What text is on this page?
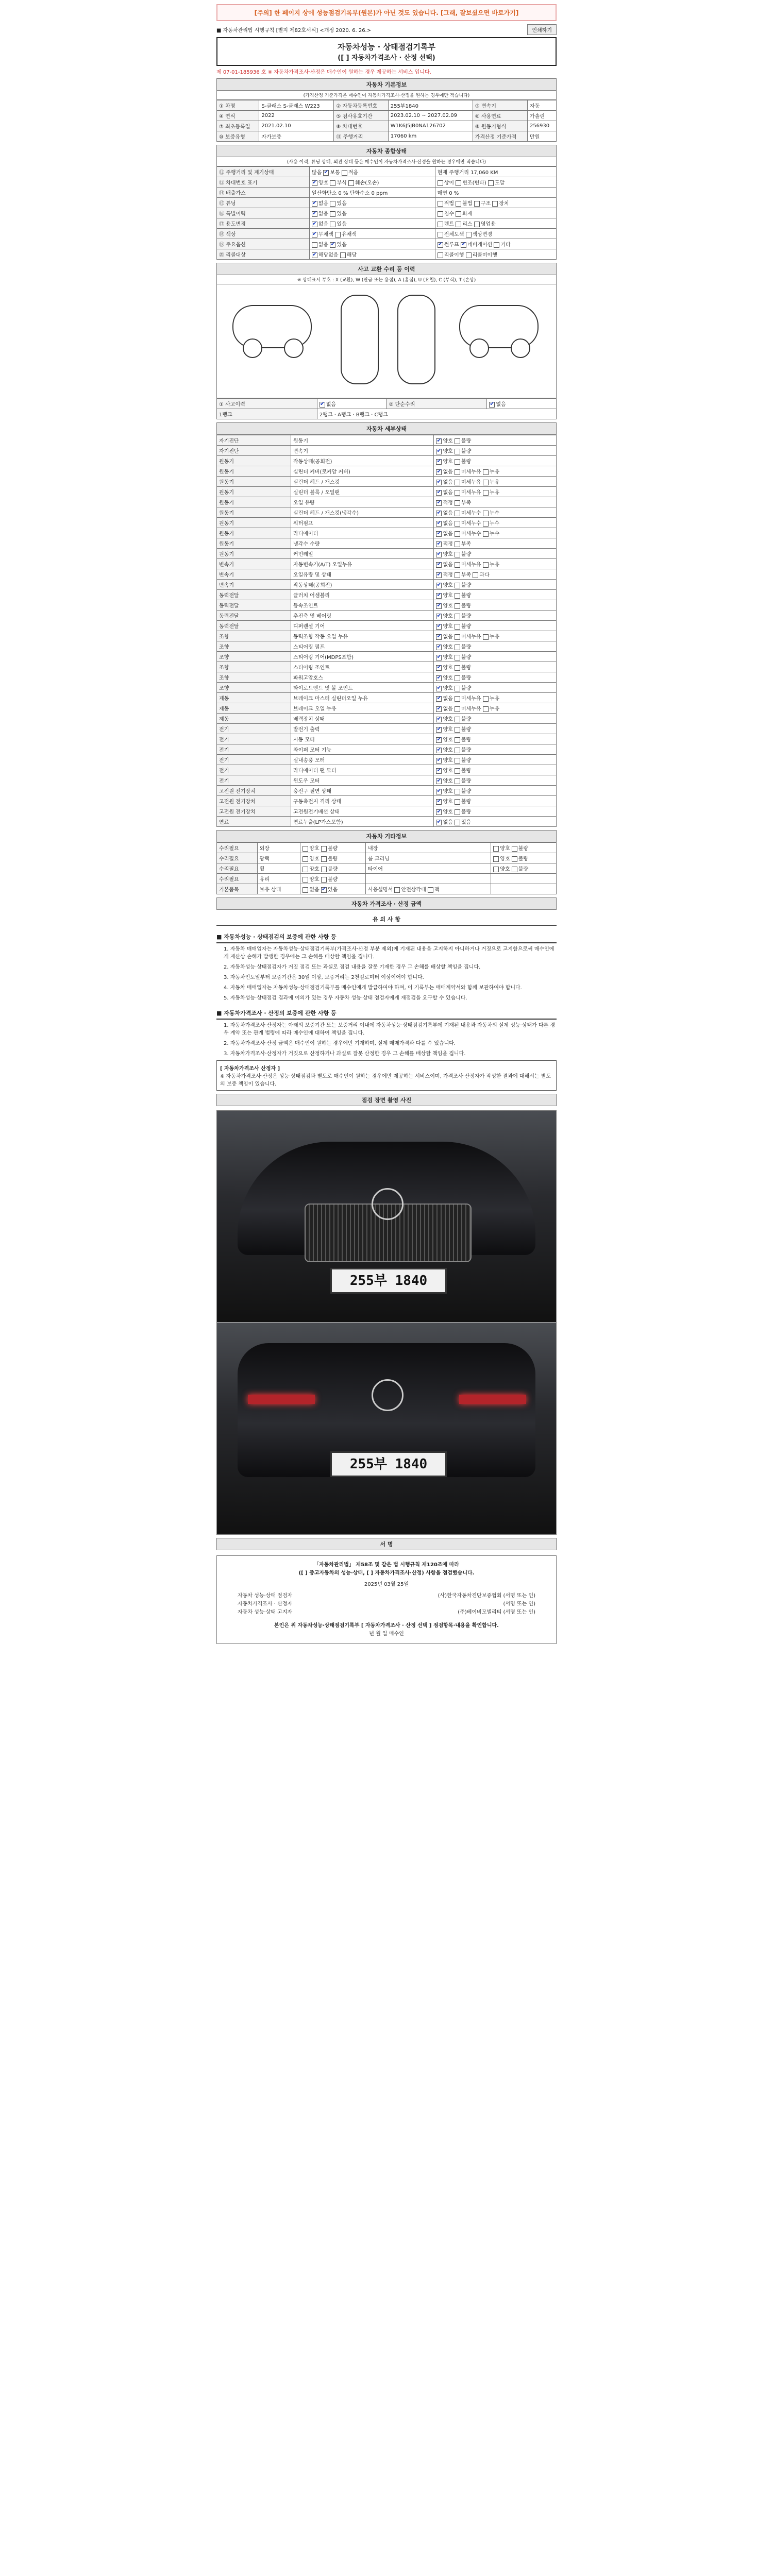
[주의] 한 페이지 상에 성능점검기록부(원본)가 아닌 것도 있습니다. [그래, 잘보셨으면 바로가기]
■ 자동차관리법 시행규칙 [별지 제82호서식] <개정 2020. 6. 26.>	인쇄하기
자동차성능 · 상태점검기록부
([ ] 자동차가격조사 · 산정 선택)
제 07-01-185936 호 ※ 자동차가격조사·산정은 매수인이 원하는 경우 제공하는 서비스 입니다.
자동차 기본정보
(가격산정 기준가격은 매수인이 자동차가격조사·산정을 원하는 경우에만 적습니다)
① 차명	S-클래스 S-클래스 W223	② 자동차등록번호	255부1840	③ 변속기	자동
④ 연식	2022	⑤ 검사유효기간	2023.02.10 ~ 2027.02.09	⑥ 사용연료	가솔린
⑦ 최초등록일	2021.02.10	⑧ 차대번호	W1K6J5JB0NA126702	⑨ 원동기형식	256930
⑩ 보증유형	자가보증	⑪ 주행거리	17060 km	가격산정 기준가격	만원
자동차 종합상태
(사용 이력, 튜닝 상태, 외관 상태 등은 매수인이 자동차가격조사·산정을 원하는 경우에만 적습니다)
⑫ 주행거리 및 계기상태	많음 ✔보통 적음	현재 주행거리 17,060 KM
⑬ 차대번호 표기	✔양호 부식 훼손(오손)	상이 변조(변타) 도말
⑭ 배출가스	일산화탄소 0 % 탄화수소 0 ppm	매연 0 %
⑮ 튜닝	✔없음 있음	적법 불법 구조 장치
⑯ 특별이력	✔없음 있음	침수 화재
⑰ 용도변경	✔없음 있음	렌트 리스 영업용
⑱ 색상	✔무채색 유채색	전체도색 색상변경
⑲ 주요옵션	없음 ✔있음	✔썬루프 ✔네비게이션 기타
⑳ 리콜대상	✔해당없음 해당	리콜이행 리콜미이행
사고 교환 수리 등 이력
※ 상태표시 부호 : X (교환), W (판금 또는 용접), A (흠집), U (요철), C (부식), T (손상)
① 사고이력	✔없음	② 단순수리	✔없음
1랭크	2랭크 · A랭크 · B랭크 · C랭크		
자동차 세부상태
자기진단	원동기	✔양호 불량
자기진단	변속기	✔양호 불량
원동기	작동상태(공회전)	✔양호 불량
원동기	실린더 커버(로커암 커버)	✔없음 미세누유 누유
원동기	실린더 헤드 / 개스킷	✔없음 미세누유 누유
원동기	실린더 블록 / 오일팬	✔없음 미세누유 누유
원동기	오일 유량	✔적정 부족
원동기	실린더 헤드 / 개스킷(냉각수)	✔없음 미세누수 누수
원동기	워터펌프	✔없음 미세누수 누수
원동기	라디에이터	✔없음 미세누수 누수
원동기	냉각수 수량	✔적정 부족
원동기	커먼레일	✔양호 불량
변속기	자동변속기(A/T) 오일누유	✔없음 미세누유 누유
변속기	오일유량 및 상태	✔적정 부족 과다
변속기	작동상태(공회전)	✔양호 불량
동력전달	클러치 어셈블리	✔양호 불량
동력전달	등속조인트	✔양호 불량
동력전달	추진축 및 베어링	✔양호 불량
동력전달	디퍼렌셜 기어	✔양호 불량
조향	동력조향 작동 오일 누유	✔없음 미세누유 누유
조향	스티어링 펌프	✔양호 불량
조향	스티어링 기어(MDPS포함)	✔양호 불량
조향	스티어링 조인트	✔양호 불량
조향	파워고압호스	✔양호 불량
조향	타이로드엔드 및 볼 조인트	✔양호 불량
제동	브레이크 마스터 실린더오일 누유	✔없음 미세누유 누유
제동	브레이크 오일 누유	✔없음 미세누유 누유
제동	배력장치 상태	✔양호 불량
전기	발전기 출력	✔양호 불량
전기	시동 모터	✔양호 불량
전기	와이퍼 모터 기능	✔양호 불량
전기	실내송풍 모터	✔양호 불량
전기	라디에이터 팬 모터	✔양호 불량
전기	윈도우 모터	✔양호 불량
고전원 전기장치	충전구 절연 상태	✔양호 불량
고전원 전기장치	구동축전지 격리 상태	✔양호 불량
고전원 전기장치	고전원전기배선 상태	✔양호 불량
연료	연료누출(LP가스포함)	✔없음 있음
자동차 기타정보
수리필요	외장	양호 불량	내장	양호 불량
수리필요	광택	양호 불량	룸 크리닝	양호 불량
수리필요	휠	양호 불량	타이어	양호 불량
수리필요	유리	양호 불량		
기본품목	보유 상태	없음 ✔있음	사용설명서 안전삼각대 잭	
자동차 가격조사 · 산정 금액
유 의 사 항
■ 자동차성능 · 상태점검의 보증에 관한 사항 등

1. 자동차 매매업자는 자동차성능·상태점검기록부(가격조사·산정 부분 제외)에 기재된 내용을 고지하지 아니하거나 거짓으로 고지함으로써 매수인에게 재산상 손해가 발생한 경우에는 그 손해를 배상할 책임을 집니다.

2. 자동차성능·상태점검자가 거짓 점검 또는 과실로 점검 내용을 잘못 기재한 경우 그 손해를 배상할 책임을 집니다.

3. 자동차인도일부터 보증기간은 30일 이상, 보증거리는 2천킬로미터 이상이어야 합니다.

4. 자동차 매매업자는 자동차성능·상태점검기록부를 매수인에게 발급하여야 하며, 이 기록부는 매매계약서와 함께 보관하여야 합니다.

5. 자동차성능·상태점검 결과에 이의가 있는 경우 자동차 성능·상태 점검자에게 재점검을 요구할 수 있습니다.

■ 자동차가격조사 · 산정의 보증에 관한 사항 등

1. 자동차가격조사·산정자는 아래의 보증기간 또는 보증거리 이내에 자동차성능·상태점검기록부에 기재된 내용과 자동차의 실제 성능·상태가 다른 경우 계약 또는 관계 법령에 따라 매수인에 대하여 책임을 집니다.

2. 자동차가격조사·산정 금액은 매수인이 원하는 경우에만 기재하며, 실제 매매가격과 다를 수 있습니다.

3. 자동차가격조사·산정자가 거짓으로 산정하거나 과실로 잘못 산정한 경우 그 손해를 배상할 책임을 집니다.

[ 자동차가격조사 산정자 ]
※ 자동차가격조사·산정은 성능·상태점검과 별도로 매수인이 원하는 경우에만 제공하는 서비스이며, 가격조사·산정자가 작성한 결과에 대해서는 별도의 보증 책임이 있습니다.
점검 장면 촬영 사진
255부 1840
255부 1840
서 명
「자동차관리법」 제58조 및 같은 법 시행규칙 제120조에 따라
([ ] 중고자동차의 성능·상태, [ ] 자동차가격조사·산정) 사항을 점검했습니다.
2025년 03월 25일
자동차 성능·상태 점검자	(사)한국자동차진단보증협회 (서명 또는 인)
자동차가격조사 · 산정자	(서명 또는 인)
자동차 성능·상태 고지자	(주)베이비모빌리티 (서명 또는 인)
본인은 위 자동차성능·상태점검기록부 [ 자동차가격조사 · 산정 선택 ] 점검항목·내용을 확인합니다.
년 월 일 매수인
